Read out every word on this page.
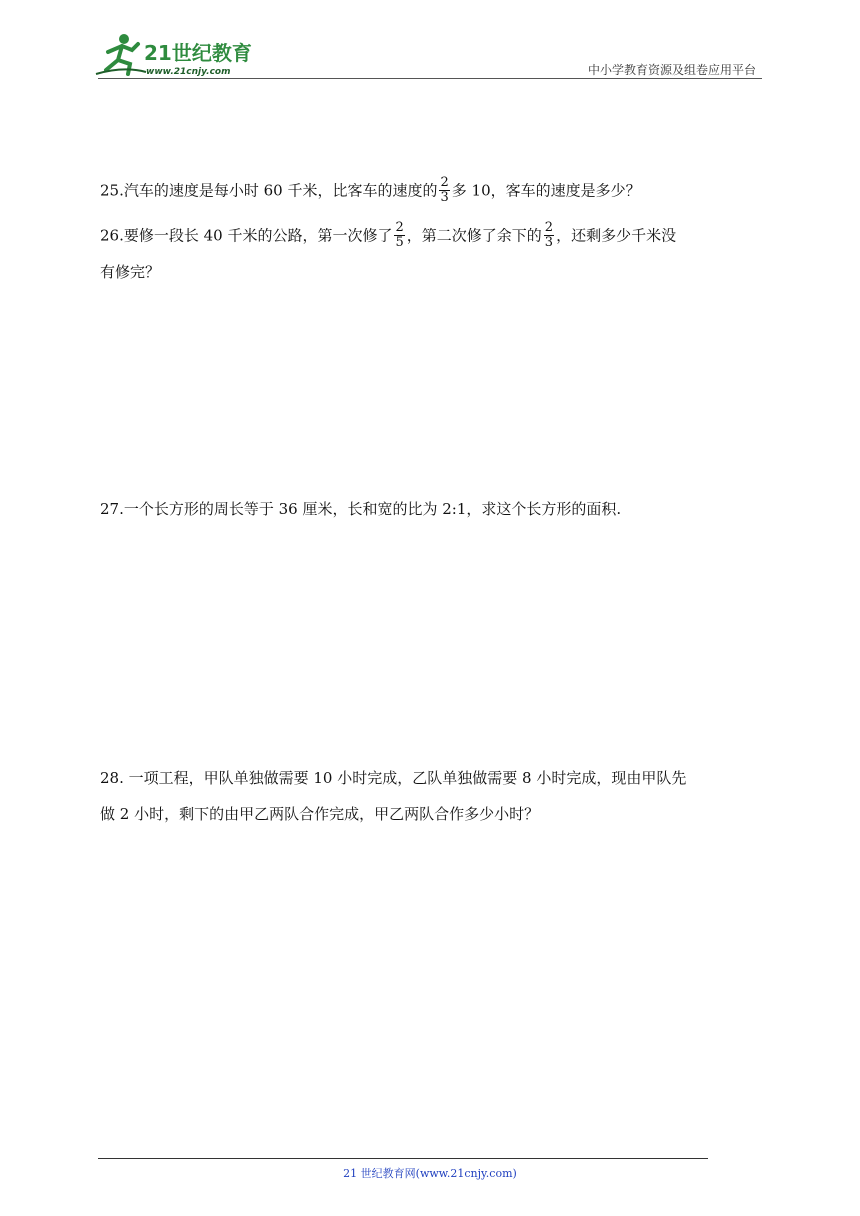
21世纪教育
www.21cnjy.com	中小学教育资源及组卷应用平台
25.汽车的速度是每小时 60 千米，比客车的速度的 $\frac{2}{3}$ 多 10，客车的速度是多少？
26.要修一段长 40 千米的公路，第一次修了 $\frac{2}{5}$ ，第二次修了余下的 $\frac{2}{3}$ ，还剩多少千米没
有修完？
27.一个长方形的周长等于 36 厘米，长和宽的比为 2:1，求这个长方形的面积.
28. 一项工程，甲队单独做需要 10 小时完成，乙队单独做需要 8 小时完成，现由甲队先
做 2 小时，剩下的由甲乙两队合作完成，甲乙两队合作多少小时？
21 世纪教育网(www.21cnjy.com)
